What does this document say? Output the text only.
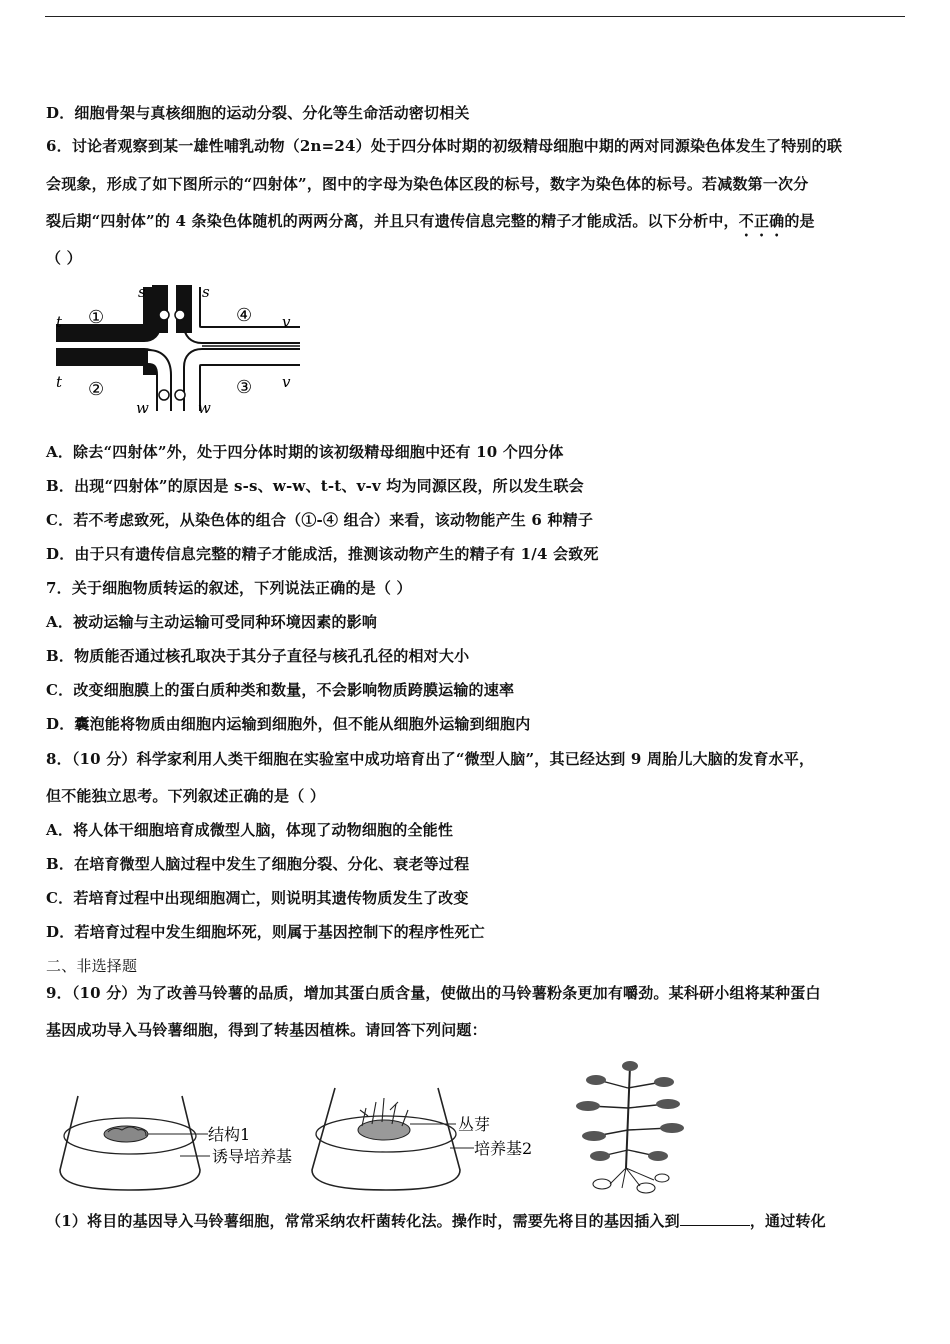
D．细胞骨架与真核细胞的运动分裂、分化等生命活动密切相关
6．讨论者观察到某一雄性哺乳动物（2n=24）处于四分体时期的初级精母细胞中期的两对同源染色体发生了特别的联
会现象，形成了如下图所示的“四射体”，图中的字母为染色体区段的标号，数字为染色体的标号。若减数第一次分
裂后期“四射体”的 4 条染色体随机的两两分离，并且只有遗传信息完整的精子才能成活。以下分析中，不正确的是
（ ）
s	s
t ①	④ v
t ②	③ v
w	w
A．除去“四射体”外，处于四分体时期的该初级精母细胞中还有 10 个四分体
B．出现“四射体”的原因是 s-s、w-w、t-t、v-v 均为同源区段，所以发生联会
C．若不考虑致死，从染色体的组合（①-④ 组合）来看，该动物能产生 6 种精子
D．由于只有遗传信息完整的精子才能成活，推测该动物产生的精子有 1/4 会致死
7．关于细胞物质转运的叙述，下列说法正确的是（ ）
A．被动运输与主动运输可受同种环境因素的影响
B．物质能否通过核孔取决于其分子直径与核孔孔径的相对大小
C．改变细胞膜上的蛋白质种类和数量，不会影响物质跨膜运输的速率
D．囊泡能将物质由细胞内运输到细胞外，但不能从细胞外运输到细胞内
8．（10 分）科学家利用人类干细胞在实验室中成功培育出了“微型人脑”，其已经达到 9 周胎儿大脑的发育水平，
但不能独立思考。下列叙述正确的是（ ）
A．将人体干细胞培育成微型人脑，体现了动物细胞的全能性
B．在培育微型人脑过程中发生了细胞分裂、分化、衰老等过程
C．若培育过程中出现细胞凋亡，则说明其遗传物质发生了改变
D．若培育过程中发生细胞坏死，则属于基因控制下的程序性死亡
二、非选择题
9．（10 分）为了改善马铃薯的品质，增加其蛋白质含量，使做出的马铃薯粉条更加有嚼劲。某科研小组将某种蛋白
基因成功导入马铃薯细胞，得到了转基因植株。请回答下列问题：
结构1
诱导培养基
丛芽
培养基2
（1）将目的基因导入马铃薯细胞，常常采纳农杆菌转化法。操作时，需要先将目的基因插入到	，通过转化
